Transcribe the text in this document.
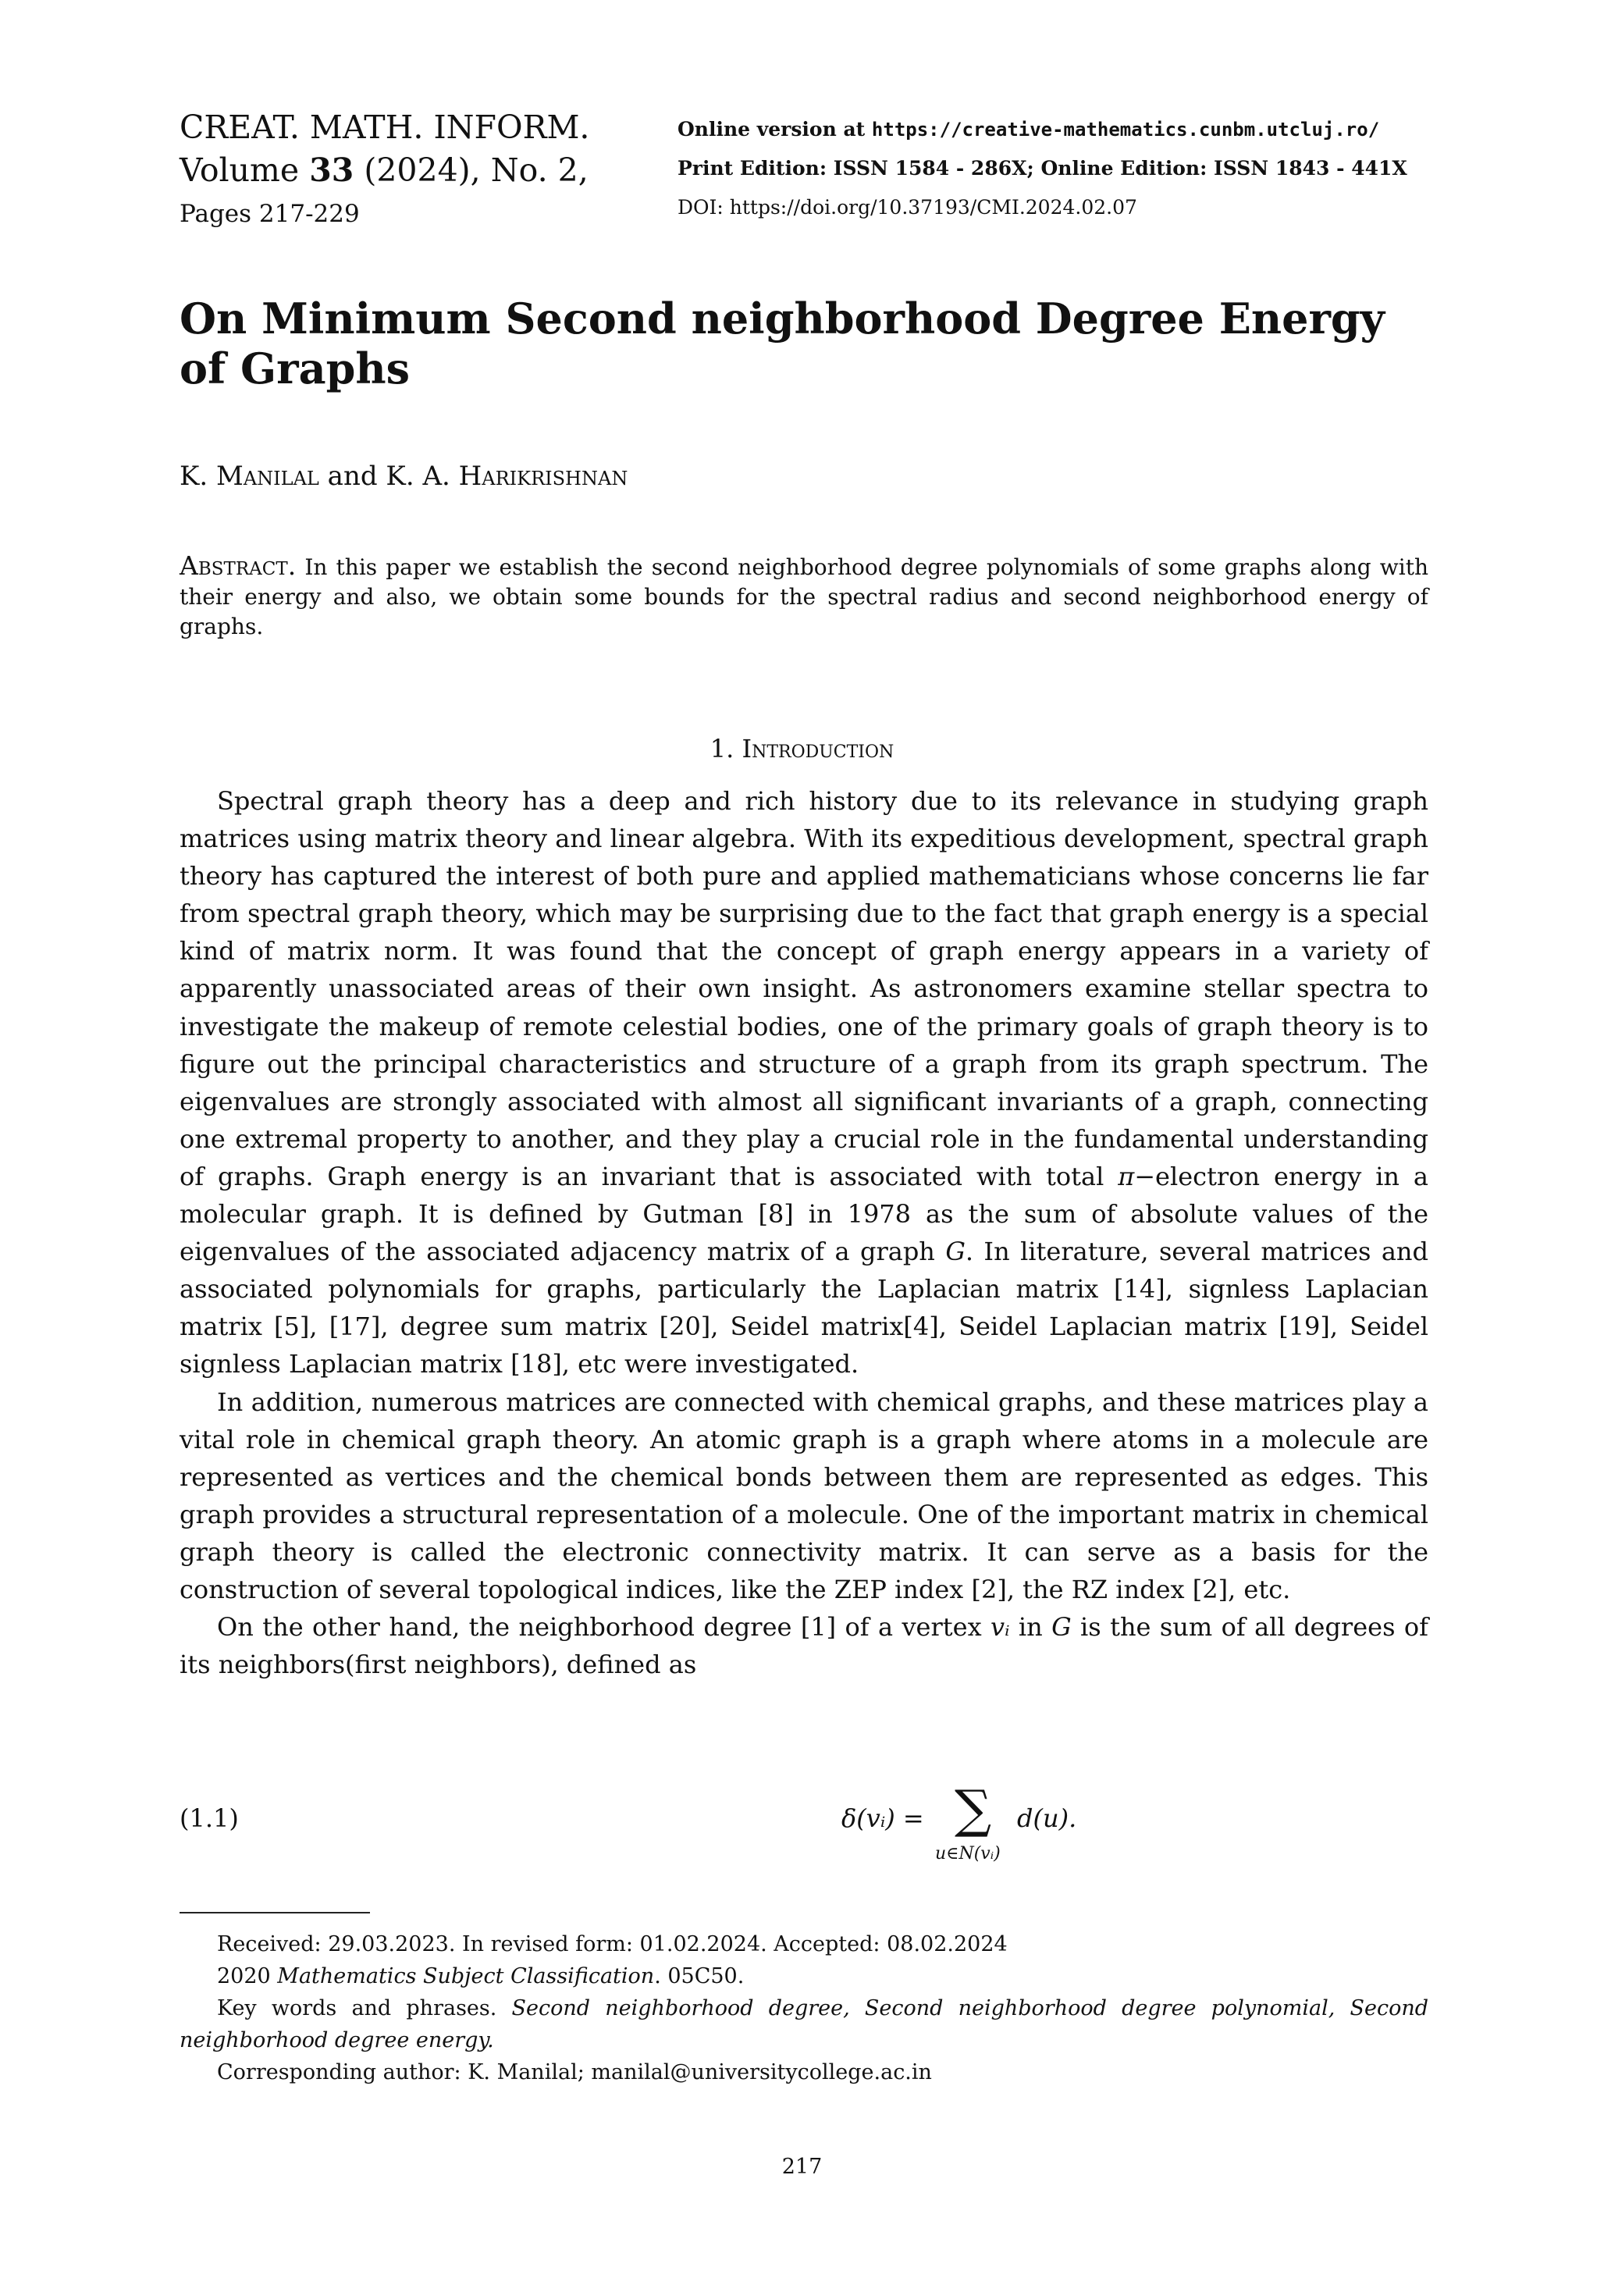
CREAT. MATH. INFORM.
Volume 33 (2024), No. 2,
Pages 217-229
Online version at https://creative-mathematics.cunbm.utcluj.ro/
Print Edition: ISSN 1584 - 286X; Online Edition: ISSN 1843 - 441X
DOI: https://doi.org/10.37193/CMI.2024.02.07
On Minimum Second neighborhood Degree Energy of Graphs
K. Manilal and K. A. Harikrishnan
Abstract. In this paper we establish the second neighborhood degree polynomials of some graphs along with their energy and also, we obtain some bounds for the spectral radius and second neighborhood energy of graphs.
1. Introduction

Spectral graph theory has a deep and rich history due to its relevance in studying graph matrices using matrix theory and linear algebra. With its expeditious development, spectral graph theory has captured the interest of both pure and applied mathematicians whose concerns lie far from spectral graph theory, which may be surprising due to the fact that graph energy is a special kind of matrix norm. It was found that the concept of graph energy appears in a variety of apparently unassociated areas of their own insight. As astronomers examine stellar spectra to investigate the makeup of remote celestial bodies, one of the primary goals of graph theory is to figure out the principal characteristics and structure of a graph from its graph spectrum. The eigenvalues are strongly associated with almost all significant invariants of a graph, connecting one extremal property to another, and they play a crucial role in the fundamental understanding of graphs. Graph energy is an invariant that is associated with total π−electron energy in a molecular graph. It is defined by Gutman [8] in 1978 as the sum of absolute values of the eigenvalues of the associated adjacency matrix of a graph G. In literature, several matrices and associated polynomials for graphs, particularly the Laplacian matrix [14], signless Laplacian matrix [5], [17], degree sum matrix [20], Seidel matrix[4], Seidel Laplacian matrix [19], Seidel signless Laplacian matrix [18], etc were investigated.

In addition, numerous matrices are connected with chemical graphs, and these matrices play a vital role in chemical graph theory. An atomic graph is a graph where atoms in a molecule are represented as vertices and the chemical bonds between them are represented as edges. This graph provides a structural representation of a molecule. One of the important matrix in chemical graph theory is called the electronic connectivity matrix. It can serve as a basis for the construction of several topological indices, like the ZEP index [2], the RZ index [2], etc.

On the other hand, the neighborhood degree [1] of a vertex vᵢ in G is the sum of all degrees of its neighbors(first neighbors), defined as

(1.1)	δ(vᵢ) = ∑
u∈N(vᵢ)
d(u).

Received: 29.03.2023. In revised form: 01.02.2024. Accepted: 08.02.2024

2020 Mathematics Subject Classification. 05C50.

Key words and phrases. Second neighborhood degree, Second neighborhood degree polynomial, Second neighborhood degree energy.

Corresponding author: K. Manilal; manilal@universitycollege.ac.in

217
